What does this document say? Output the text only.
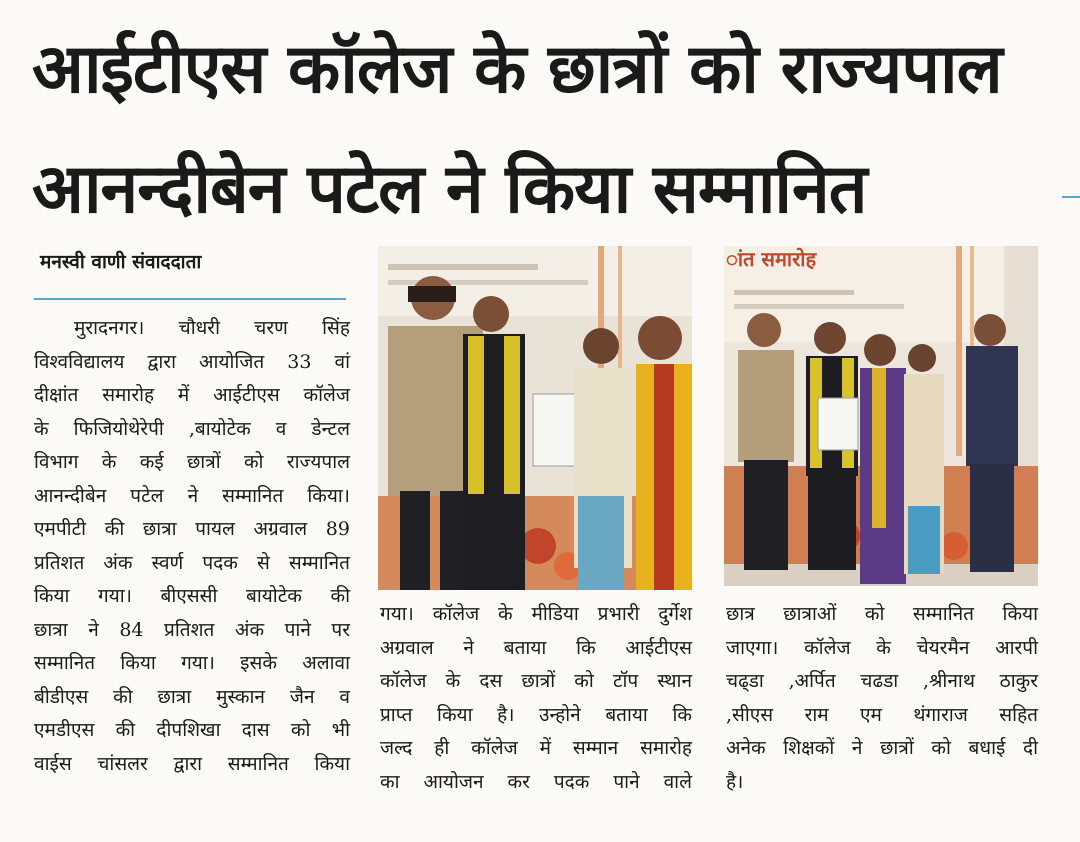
आईटीएस कॉलेज के छात्रों को राज्यपाल
आनन्दीबेन पटेल ने किया सम्मानित
मनस्वी वाणी संवाददाता
मुरादनगर। चौधरी चरण सिंह
विश्वविद्यालय द्वारा आयोजित 33 वां
दीक्षांत समारोह में आईटीएस कॉलेज
के फिजियोथेरेपी ,बायोटेक व डेन्टल
विभाग के कई छात्रों को राज्यपाल
आनन्दीबेन पटेल ने सम्मानित किया।
एमपीटी की छात्रा पायल अग्रवाल 89
प्रतिशत अंक स्वर्ण पदक से सम्मानित
किया गया। बीएससी बायोटेक की
छात्रा ने 84 प्रतिशत अंक पाने पर
सम्मानित किया गया। इसके अलावा
बीडीएस की छात्रा मुस्कान जैन व
एमडीएस की दीपशिखा दास को भी
वाईस चांसलर द्वारा सम्मानित किया
गया। कॉलेज के मीडिया प्रभारी दुर्गेश
अग्रवाल ने बताया कि आईटीएस
कॉलेज के दस छात्रों को टॉप स्थान
प्राप्त किया है। उन्होने बताया कि
जल्द ही कॉलेज में सम्मान समारोह
का आयोजन कर पदक पाने वाले
छात्र छात्राओं को सम्मानित किया
जाएगा। कॉलेज के चेयरमैन आरपी
चढ्डा ,अर्पित चढडा ,श्रीनाथ ठाकुर
,सीएस राम एम थंगाराज सहित
अनेक शिक्षकों ने छात्रों को बधाई दी
है।
ांत समारोह
